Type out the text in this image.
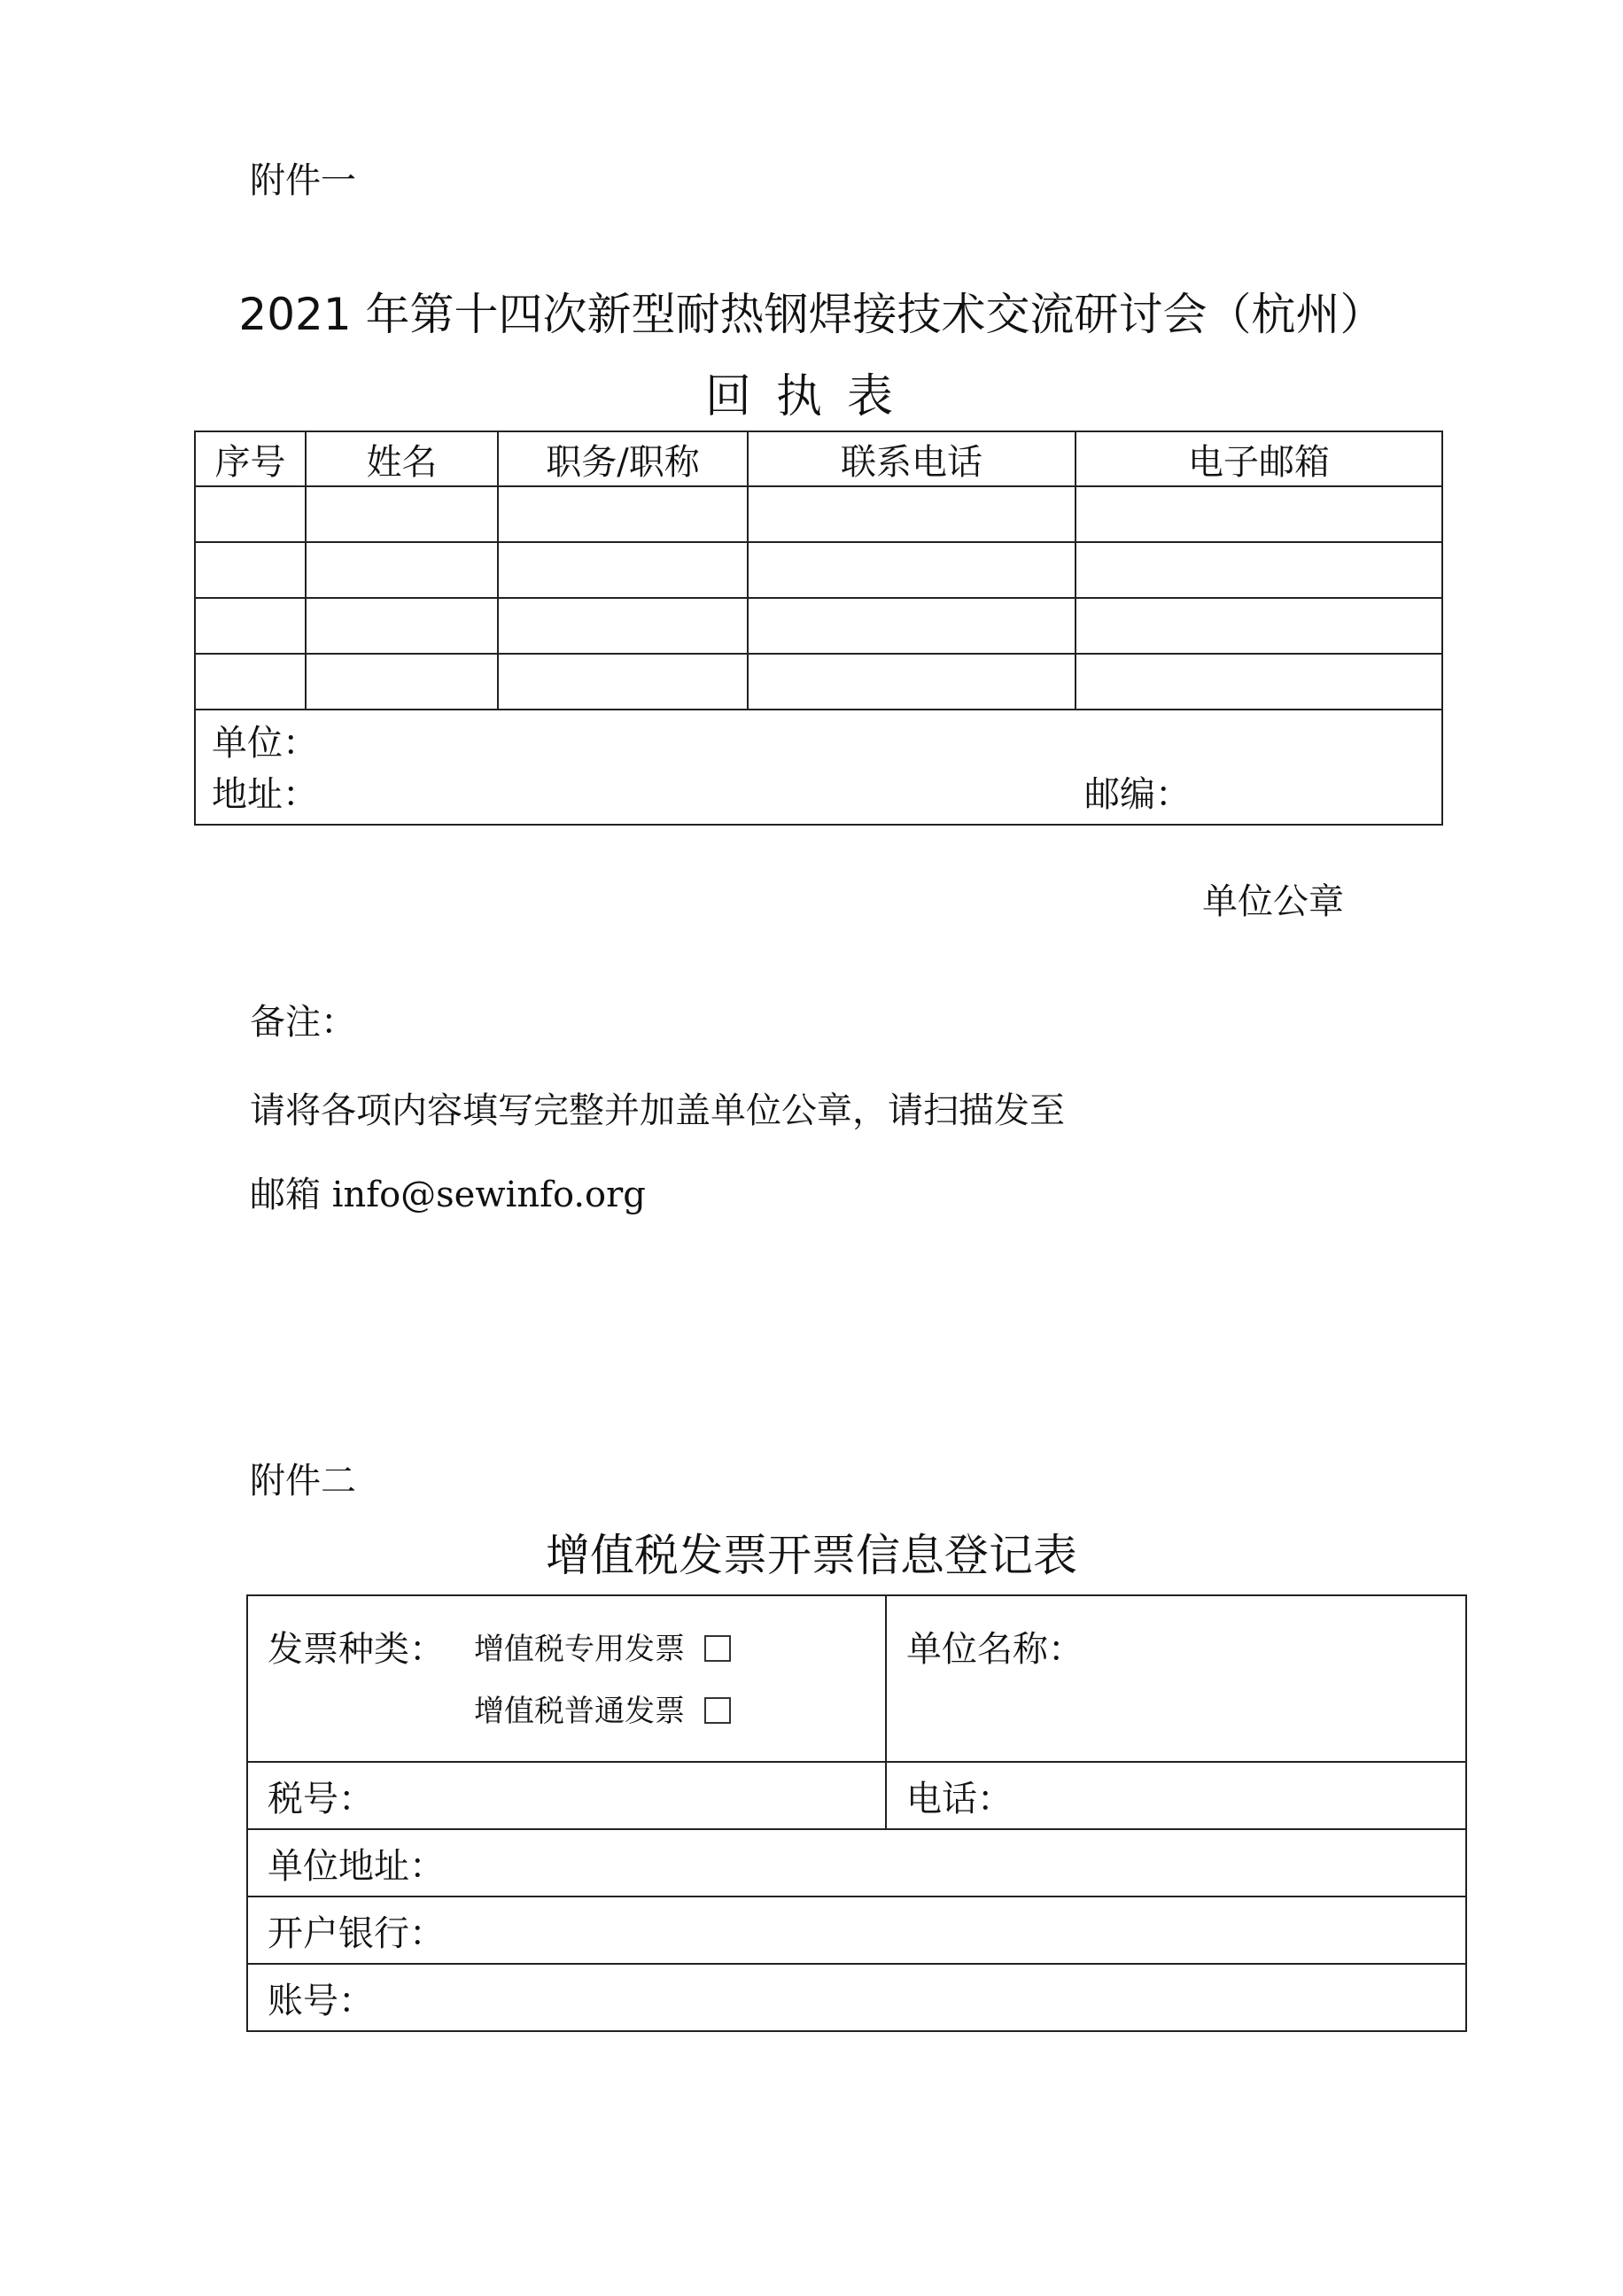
附件一
2021 年第十四次新型耐热钢焊接技术交流研讨会（杭州）
回执表
序号	姓名	职务/职称	联系电话	电子邮箱

单位：
地址： 邮编：				
单位公章
备注：
请将各项内容填写完整并加盖单位公章，请扫描发至
邮箱 info@sewinfo.org
附件二
增值税发票开票信息登记表
发票种类： 增值税专用发票
增值税普通发票	单位名称：
税号：	电话：
单位地址：	
开户银行：	
账号：	
